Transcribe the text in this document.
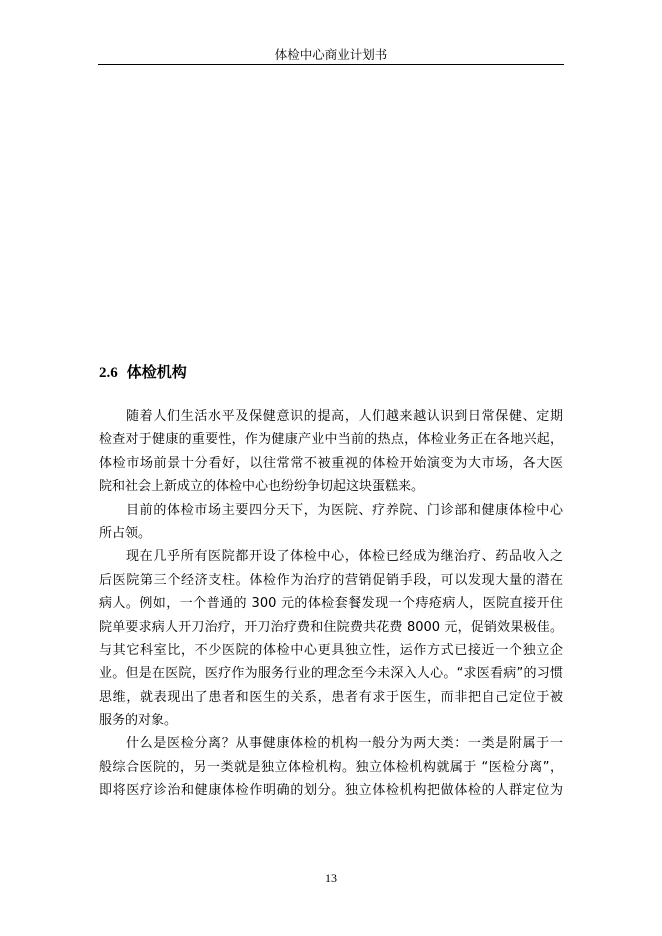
体检中心商业计划书
2.6 体检机构
随着人们生活水平及保健意识的提高，人们越来越认识到日常保健、定期
检查对于健康的重要性，作为健康产业中当前的热点，体检业务正在各地兴起，
体检市场前景十分看好，以往常常不被重视的体检开始演变为大市场，各大医
院和社会上新成立的体检中心也纷纷争切起这块蛋糕来。
目前的体检市场主要四分天下，为医院、疗养院、门诊部和健康体检中心
所占领。
现在几乎所有医院都开设了体检中心，体检已经成为继治疗、药品收入之
后医院第三个经济支柱。体检作为治疗的营销促销手段，可以发现大量的潜在
病人。例如，一个普通的 300 元的体检套餐发现一个痔疮病人，医院直接开住
院单要求病人开刀治疗，开刀治疗费和住院费共花费 8000 元，促销效果极佳。
与其它科室比，不少医院的体检中心更具独立性，运作方式已接近一个独立企
业。但是在医院，医疗作为服务行业的理念至今未深入人心。“求医看病”的习惯
思维，就表现出了患者和医生的关系，患者有求于医生，而非把自己定位于被
服务的对象。
什么是医检分离？从事健康体检的机构一般分为两大类：一类是附属于一
般综合医院的，另一类就是独立体检机构。独立体检机构就属于 “医检分离”，
即将医疗诊治和健康体检作明确的划分。独立体检机构把做体检的人群定位为
13
